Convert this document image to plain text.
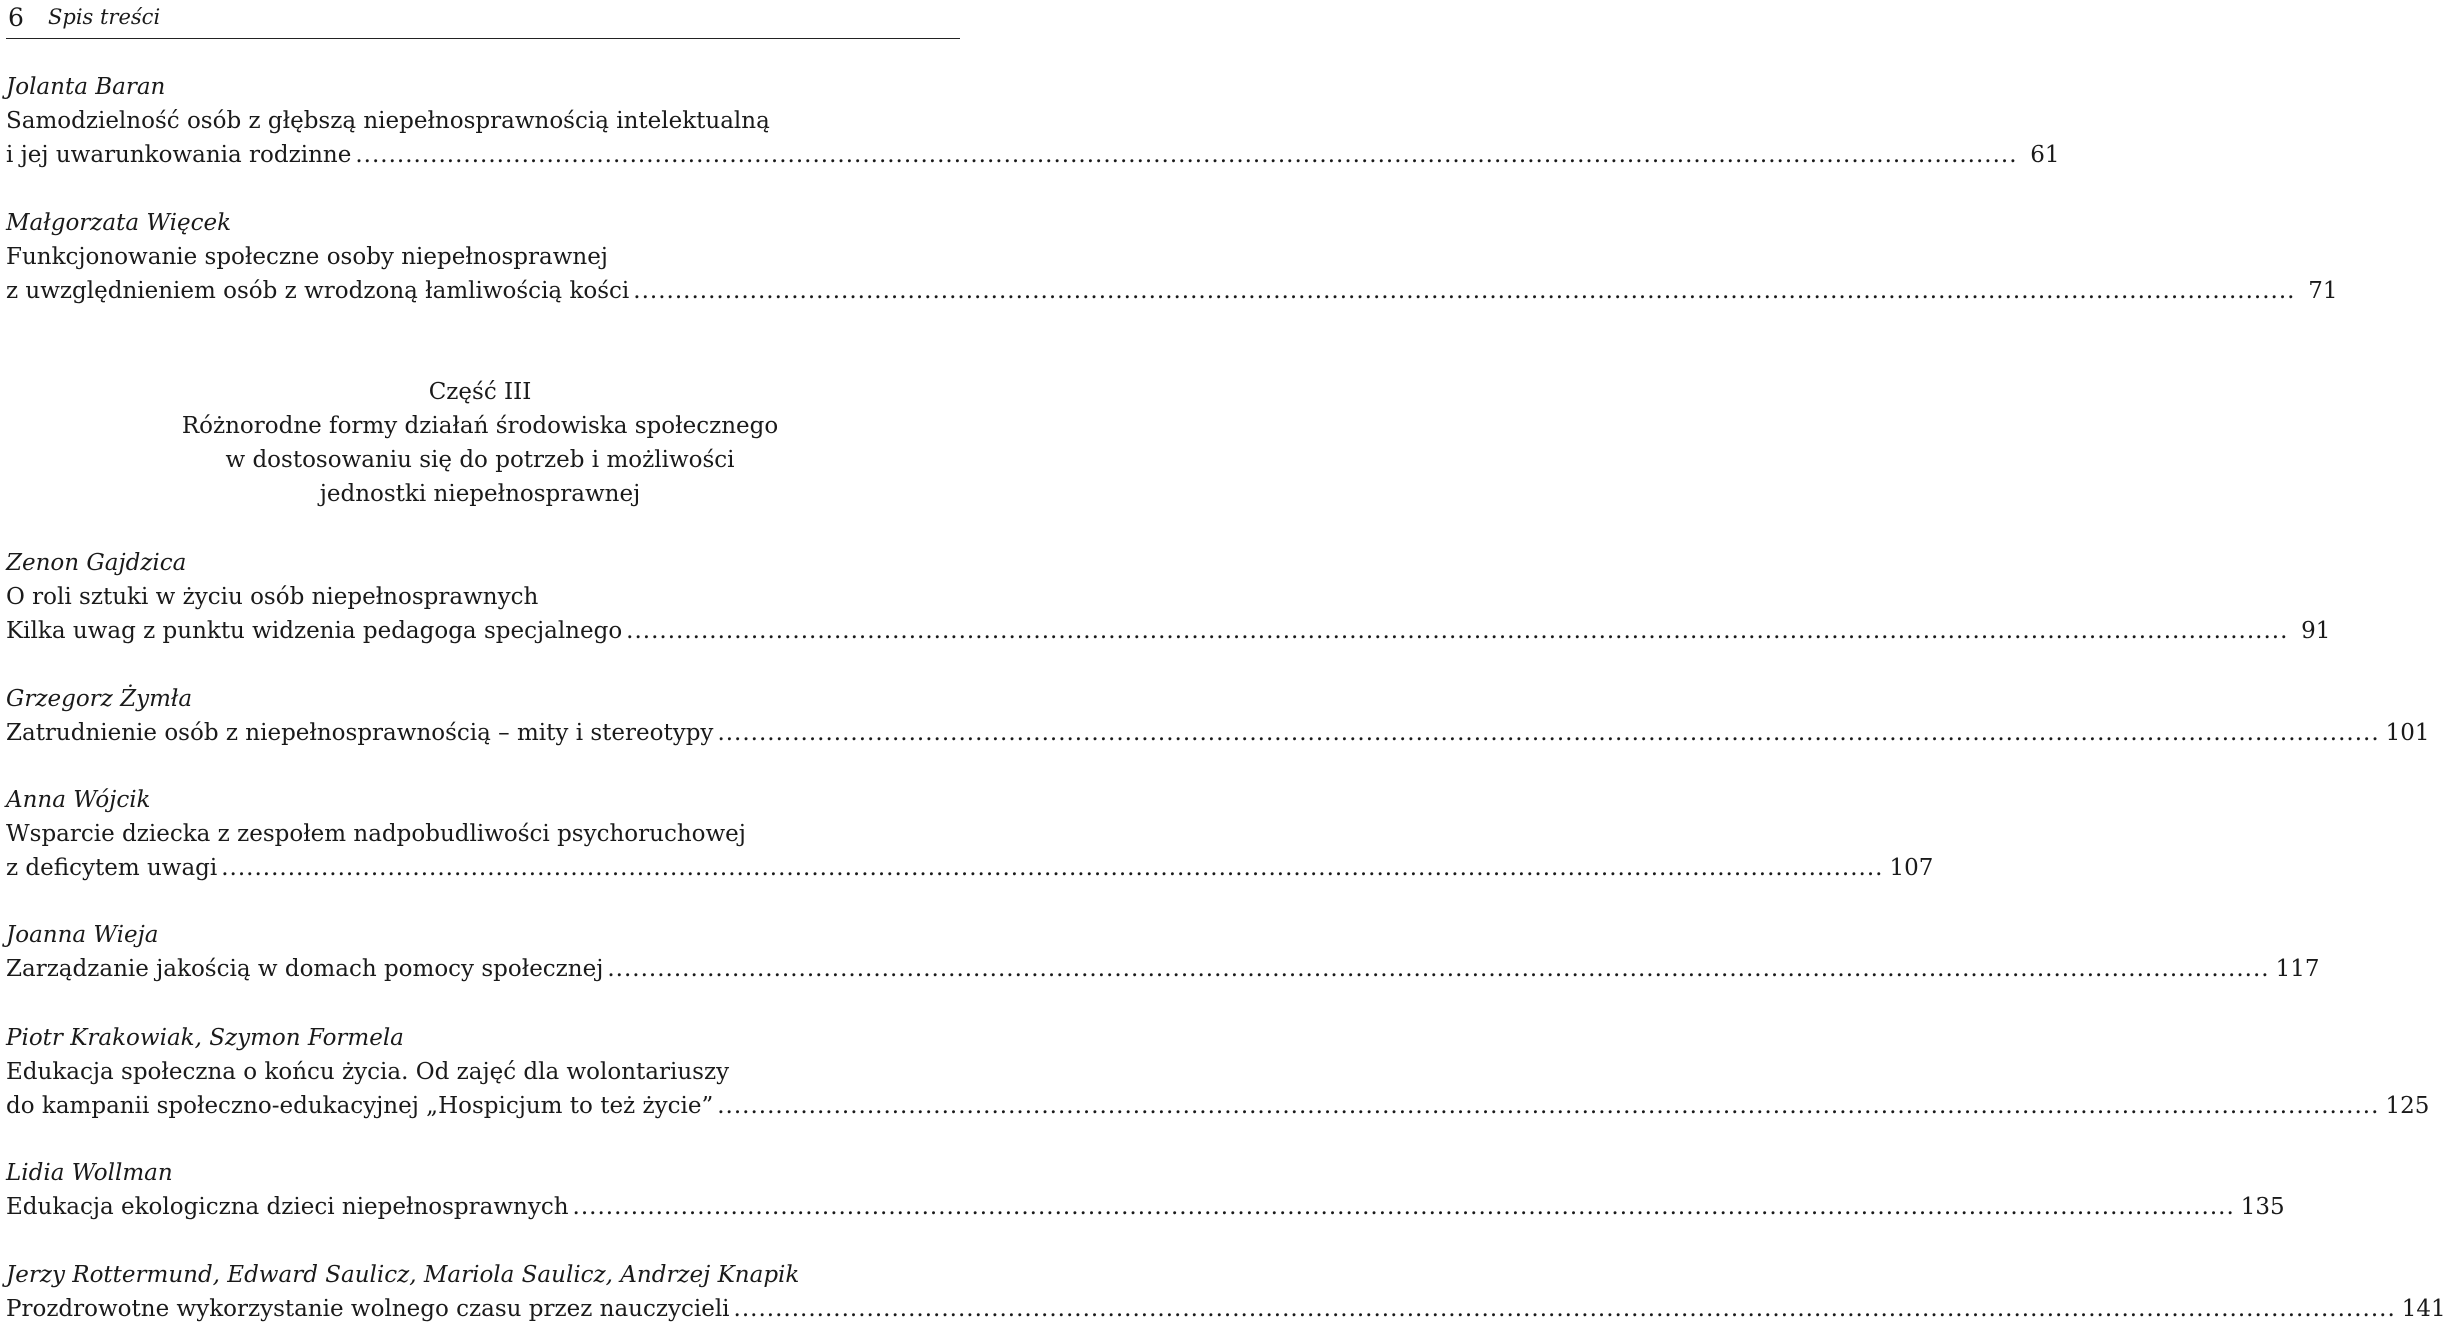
6 Spis treści
Jolanta Baran
Samodzielność osób z głębszą niepełnosprawnością intelektualną
i jej uwarunkowania rodzinne ........................................................................................................................................................................................................ 61
Małgorzata Więcek
Funkcjonowanie społeczne osoby niepełnosprawnej
z uwzględnieniem osób z wrodzoną łamliwością kości ........................................................................................................................................................................................................ 71
Część III
Różnorodne formy działań środowiska społecznego
w dostosowaniu się do potrzeb i możliwości
jednostki niepełnosprawnej
Zenon Gajdzica
O roli sztuki w życiu osób niepełnosprawnych
Kilka uwag z punktu widzenia pedagoga specjalnego ........................................................................................................................................................................................................ 91
Grzegorz Żymła
Zatrudnienie osób z niepełnosprawnością – mity i stereotypy ........................................................................................................................................................................................................ 101
Anna Wójcik
Wsparcie dziecka z zespołem nadpobudliwości psychoruchowej
z deficytem uwagi ........................................................................................................................................................................................................ 107
Joanna Wieja
Zarządzanie jakością w domach pomocy społecznej ........................................................................................................................................................................................................ 117
Piotr Krakowiak, Szymon Formela
Edukacja społeczna o końcu życia. Od zajęć dla wolontariuszy
do kampanii społeczno-edukacyjnej „Hospicjum to też życie” ........................................................................................................................................................................................................ 125
Lidia Wollman
Edukacja ekologiczna dzieci niepełnosprawnych ........................................................................................................................................................................................................ 135
Jerzy Rottermund, Edward Saulicz, Mariola Saulicz, Andrzej Knapik
Prozdrowotne wykorzystanie wolnego czasu przez nauczycieli ........................................................................................................................................................................................................ 141
